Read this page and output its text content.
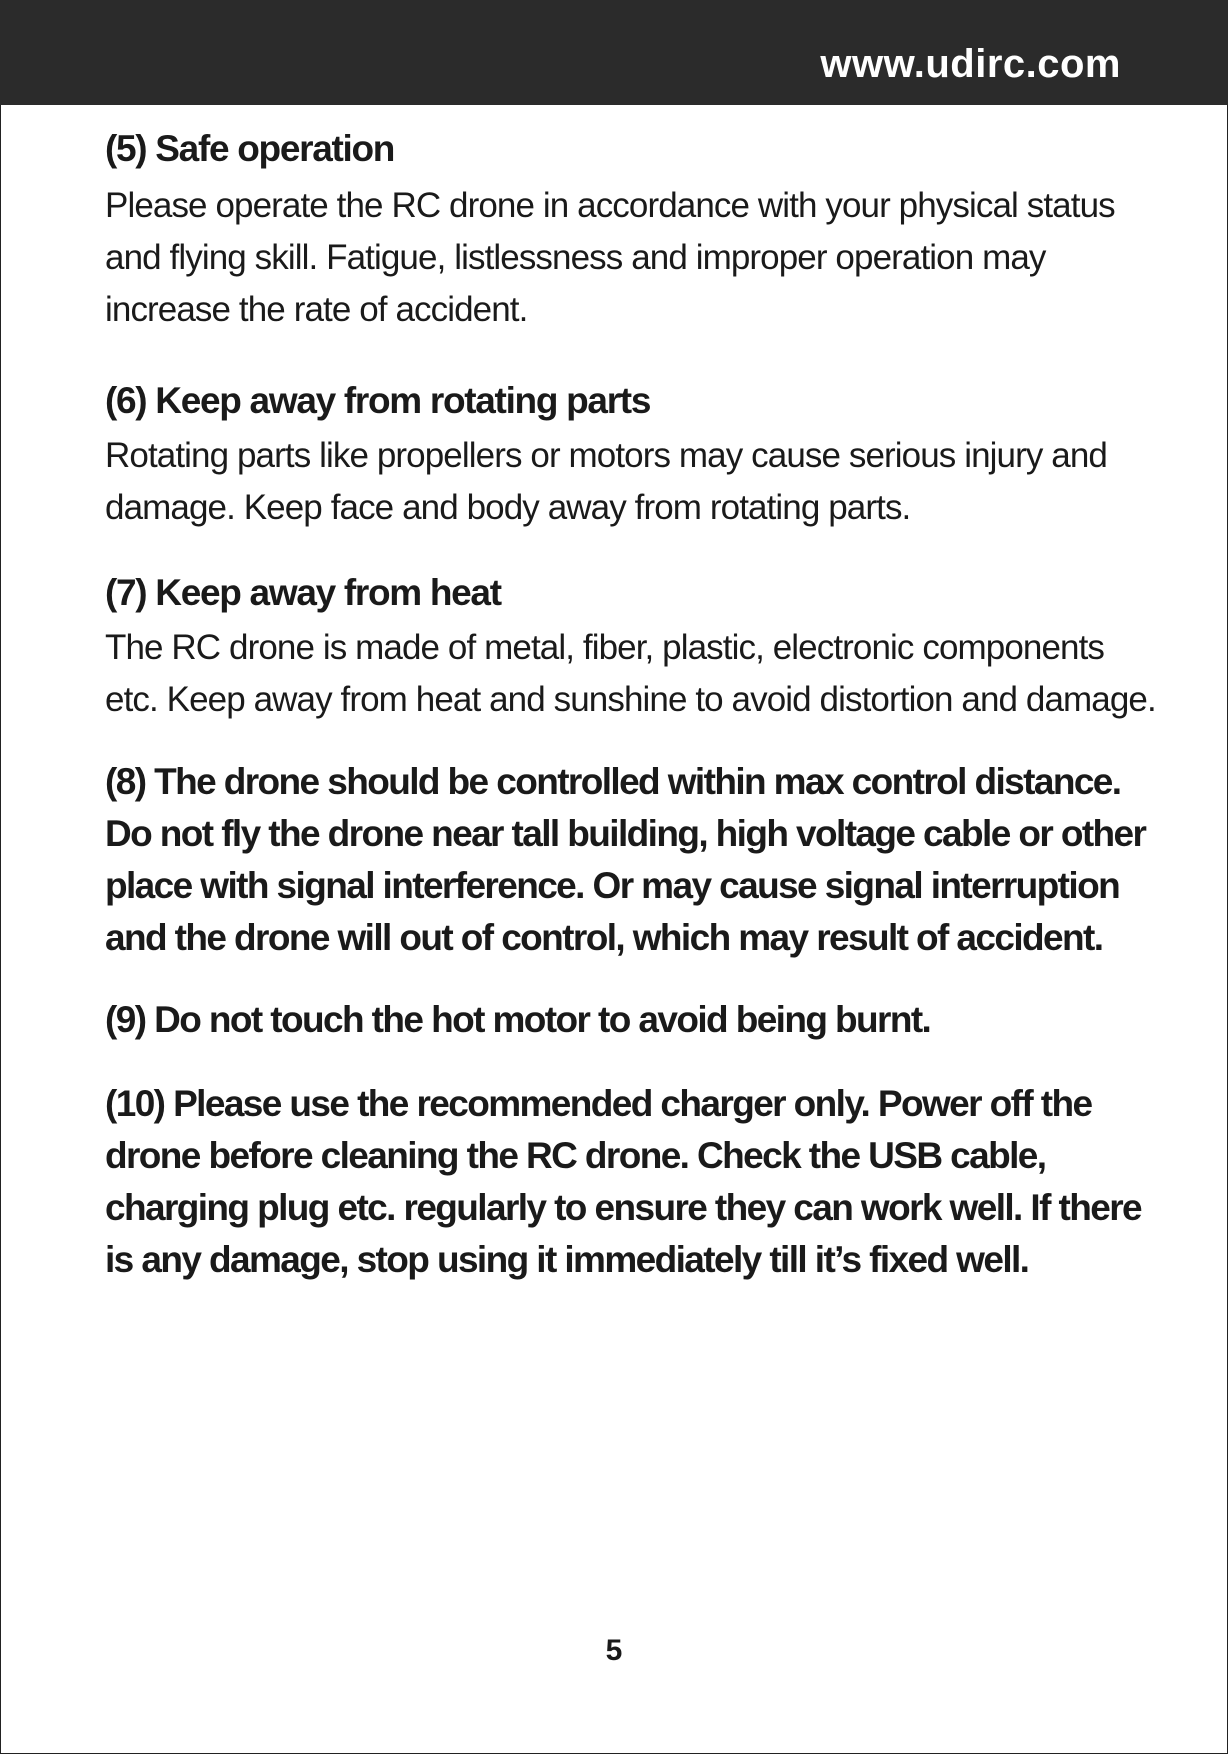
www.udirc.com
(5) Safe operation

Please operate the RC drone in accordance with your physical status and flying skill. Fatigue, listlessness and improper operation may increase the rate of accident.

(6) Keep away from rotating parts

Rotating parts like propellers or motors may cause serious injury and damage. Keep face and body away from rotating parts.

(7) Keep away from heat

The RC drone is made of metal, fiber, plastic, electronic components etc. Keep away from heat and sunshine to avoid distortion and damage.

(8) The drone should be controlled within max control distance. Do not fly the drone near tall building, high voltage cable or other place with signal interference. Or may cause signal interruption and the drone will out of control, which may result of accident.

(9) Do not touch the hot motor to avoid being burnt.

(10) Please use the recommended charger only. Power off the drone before cleaning the RC drone. Check the USB cable, charging plug etc. regularly to ensure they can work well. If there is any damage, stop using it immediately till it’s fixed well.

5
